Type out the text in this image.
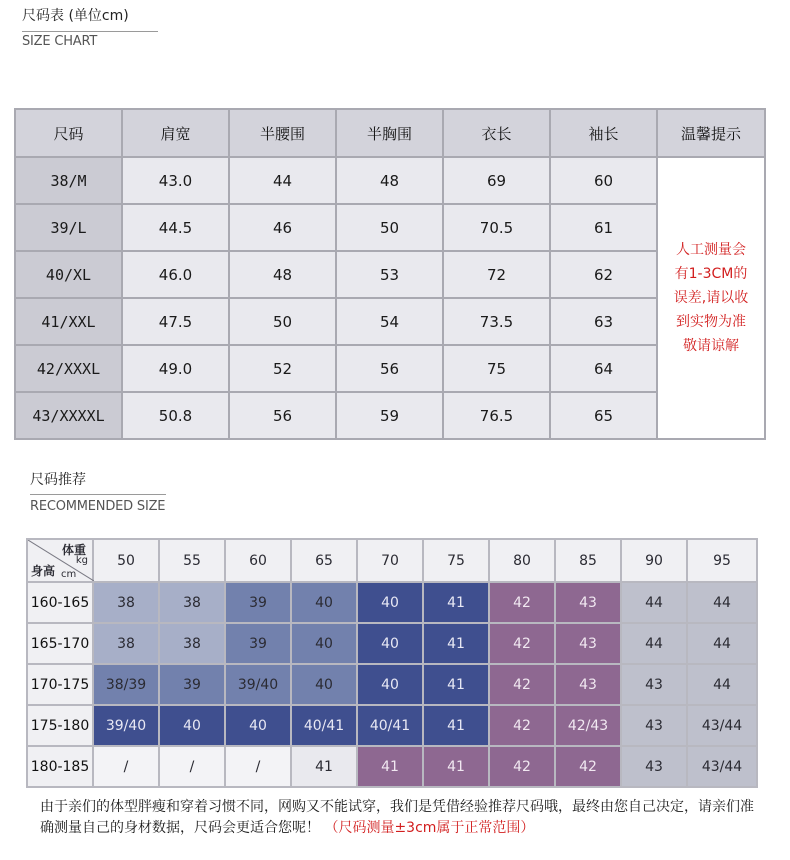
尺码表 (单位cm)
SIZE CHART
尺码	肩宽	半腰围	半胸围	衣长	袖长	温馨提示
38/M	43.0	44	48	69	60	人工测量会
有1-3CM的
误差,请以收
到实物为准
敬请谅解

39/L	44.5	46	50	70.5	61	
40/XL	46.0	48	53	72	62	
41/XXL	47.5	50	54	73.5	63	
42/XXXL	49.0	52	56	75	64	
43/XXXXL	50.8	56	59	76.5	65	
尺码推荐
RECOMMENDED SIZE
体重
kg
身高 cm	50	55	60	65	70	75	80	85	90	95
160-165	38	38	39	40	40	41	42	43	44	44
165-170	38	38	39	40	40	41	42	43	44	44
170-175	38/39	39	39/40	40	40	41	42	43	43	44
175-180	39/40	40	40	40/41	40/41	41	42	42/43	43	43/44
180-185	/	/	/	41	41	41	42	42	43	43/44
由于亲们的体型胖瘦和穿着习惯不同，网购又不能试穿，我们是凭借经验推荐尺码哦，最终由您自己决定，请亲们准确测量自己的身材数据，尺码会更适合您呢！ （尺码测量±3cm属于正常范围）
